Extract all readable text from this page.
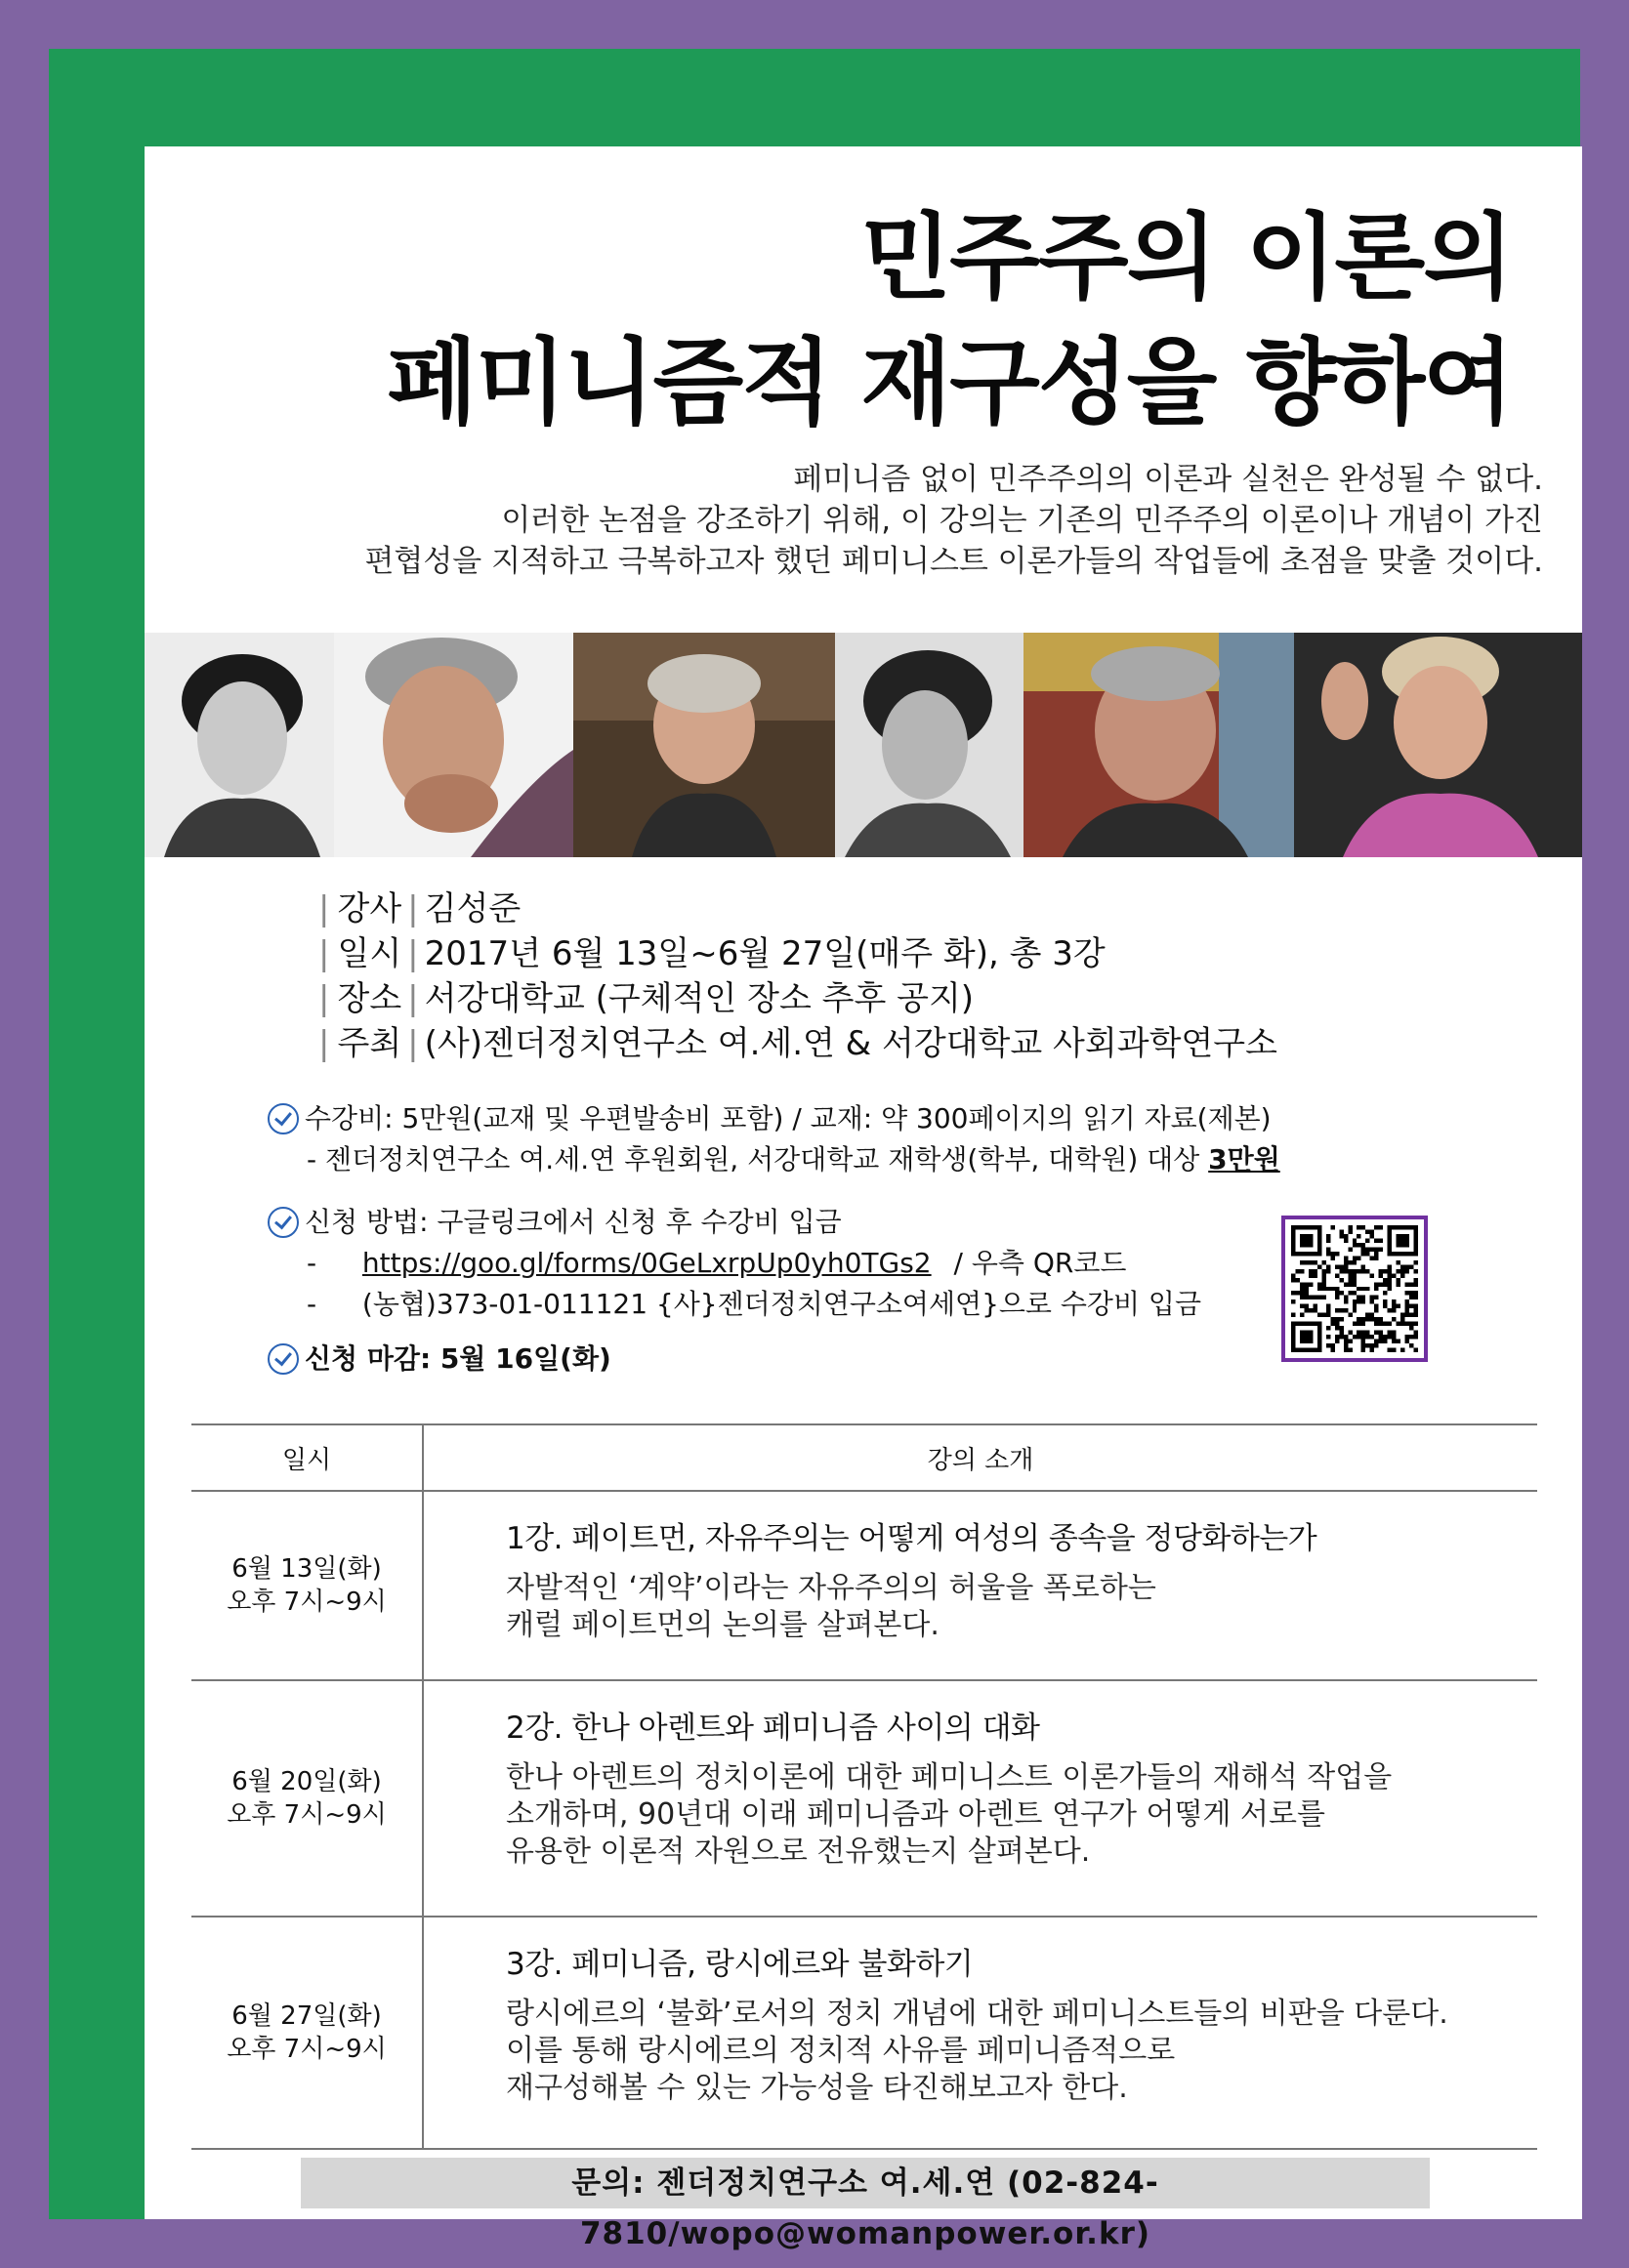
민주주의 이론의
페미니즘적 재구성을 향하여
페미니즘 없이 민주주의의 이론과 실천은 완성될 수 없다.
이러한 논점을 강조하기 위해, 이 강의는 기존의 민주주의 이론이나 개념이 가진
편협성을 지적하고 극복하고자 했던 페미니스트 이론가들의 작업들에 초점을 맞출 것이다.
| 강사 | 김성준
| 일시 | 2017년 6월 13일~6월 27일(매주 화), 총 3강
| 장소 | 서강대학교 (구체적인 장소 추후 공지)
| 주최 | (사)젠더정치연구소 여.세.연 & 서강대학교 사회과학연구소
수강비: 5만원(교재 및 우편발송비 포함) / 교재: 약 300페이지의 읽기 자료(제본)
- 젠더정치연구소 여.세.연 후원회원, 서강대학교 재학생(학부, 대학원) 대상 3만원
신청 방법: 구글링크에서 신청 후 수강비 입금
- https://goo.gl/forms/0GeLxrpUp0yh0TGs2 / 우측 QR코드
- (농협)373-01-011121 {사}젠더정치연구소여세연}으로 수강비 입금
신청 마감: 5월 16일(화)
일시	강의 소개
6월 13일(화)
오후 7시~9시
1강. 페이트먼, 자유주의는 어떻게 여성의 종속을 정당화하는가
자발적인 ‘계약’이라는 자유주의의 허울을 폭로하는
캐럴 페이트먼의 논의를 살펴본다.
6월 20일(화)
오후 7시~9시
2강. 한나 아렌트와 페미니즘 사이의 대화
한나 아렌트의 정치이론에 대한 페미니스트 이론가들의 재해석 작업을
소개하며, 90년대 이래 페미니즘과 아렌트 연구가 어떻게 서로를
유용한 이론적 자원으로 전유했는지 살펴본다.
6월 27일(화)
오후 7시~9시
3강. 페미니즘, 랑시에르와 불화하기
랑시에르의 ‘불화’로서의 정치 개념에 대한 페미니스트들의 비판을 다룬다.
이를 통해 랑시에르의 정치적 사유를 페미니즘적으로
재구성해볼 수 있는 가능성을 타진해보고자 한다.
문의: 젠더정치연구소 여.세.연 (02-824-7810/wopo@womanpower.or.kr)
